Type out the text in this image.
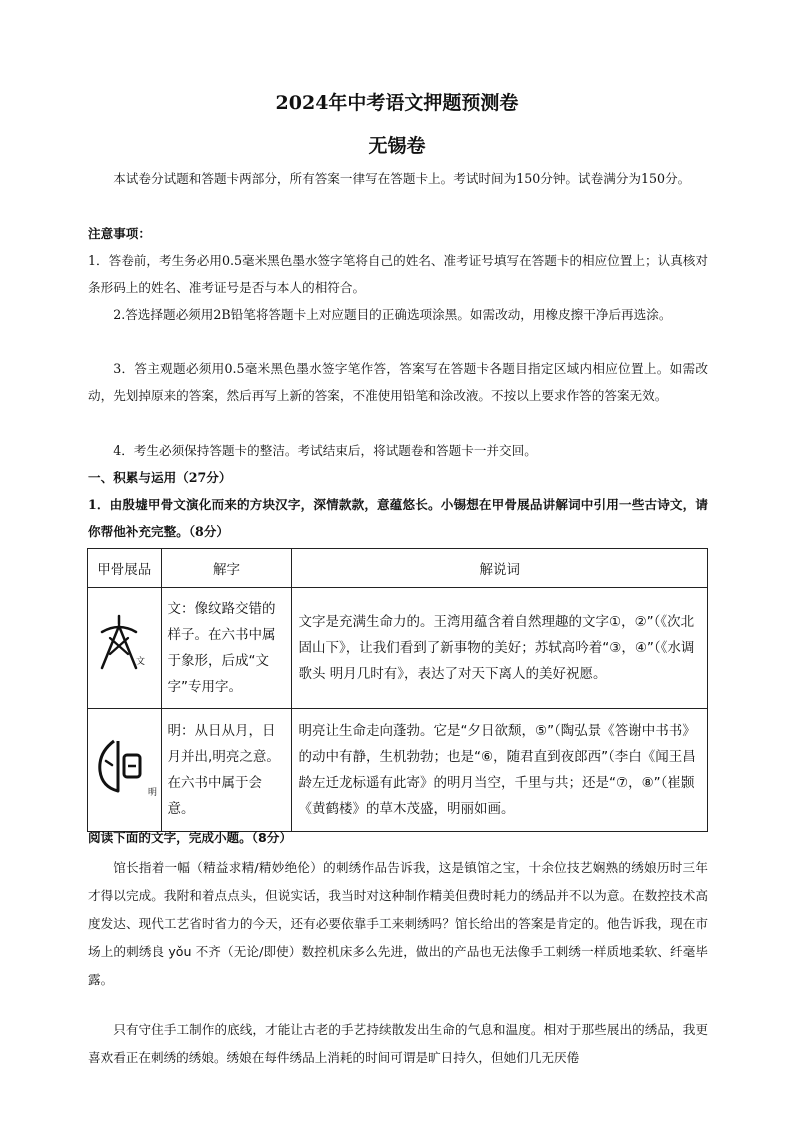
2024年中考语文押题预测卷
无锡卷
本试卷分试题和答题卡两部分，所有答案一律写在答题卡上。考试时间为150分钟。试卷满分为150分。
注意事项：
1．答卷前，考生务必用0.5毫米黑色墨水签字笔将自己的姓名、准考证号填写在答题卡的相应位置上；认真核对条形码上的姓名、准考证号是否与本人的相符合。
2.答选择题必须用2B铅笔将答题卡上对应题目的正确选项涂黑。如需改动，用橡皮擦干净后再选涂。
3．答主观题必须用0.5毫米黑色墨水签字笔作答，答案写在答题卡各题目指定区域内相应位置上。如需改动，先划掉原来的答案，然后再写上新的答案，不准使用铅笔和涂改液。不按以上要求作答的答案无效。
4．考生必须保持答题卡的整洁。考试结束后，将试题卷和答题卡一并交回。
一、积累与运用（27分）
1．由殷墟甲骨文演化而来的方块汉字，深情款款，意蕴悠长。小锡想在甲骨展品讲解词中引用一些古诗文，请你帮他补充完整。（8分）
甲骨展品	解字	解说词

文	文：像纹路交错的样子。在六书中属于象形，后成“文字”专用字。	文字是充满生命力的。王湾用蕴含着自然理趣的文字①，②”（《次北固山下》，让我们看到了新事物的美好；苏轼高吟着“③，④”（《水调歌头 明月几时有》，表达了对天下离人的美好祝愿。

明	明：从日从月，日月并出,明亮之意。在六书中属于会意。	明亮让生命走向蓬勃。它是“夕日欲颓，⑤”（陶弘景《答谢中书书》的动中有静，生机勃勃；也是“⑥，随君直到夜郎西”（李白《闻王昌龄左迁龙标遥有此寄》的明月当空，千里与共；还是“⑦，⑧”（崔颢《黄鹤楼》的草木茂盛，明丽如画。
阅读下面的文字，完成小题。（8分）
馆长指着一幅（精益求精/精妙绝伦）的刺绣作品告诉我，这是镇馆之宝，十余位技艺娴熟的绣娘历时三年才得以完成。我附和着点点头，但说实话，我当时对这种制作精美但费时耗力的绣品并不以为意。在数控技术高度发达、现代工艺省时省力的今天，还有必要依靠手工来刺绣吗？馆长给出的答案是肯定的。他告诉我，现在市场上的刺绣良 yǒu 不齐（无论/即使）数控机床多么先进，做出的产品也无法像手工刺绣一样质地柔软、纤毫毕露。
只有守住手工制作的底线，才能让古老的手艺持续散发出生命的气息和温度。相对于那些展出的绣品，我更喜欢看正在刺绣的绣娘。绣娘在每件绣品上消耗的时间可谓是旷日持久，但她们几无厌倦
